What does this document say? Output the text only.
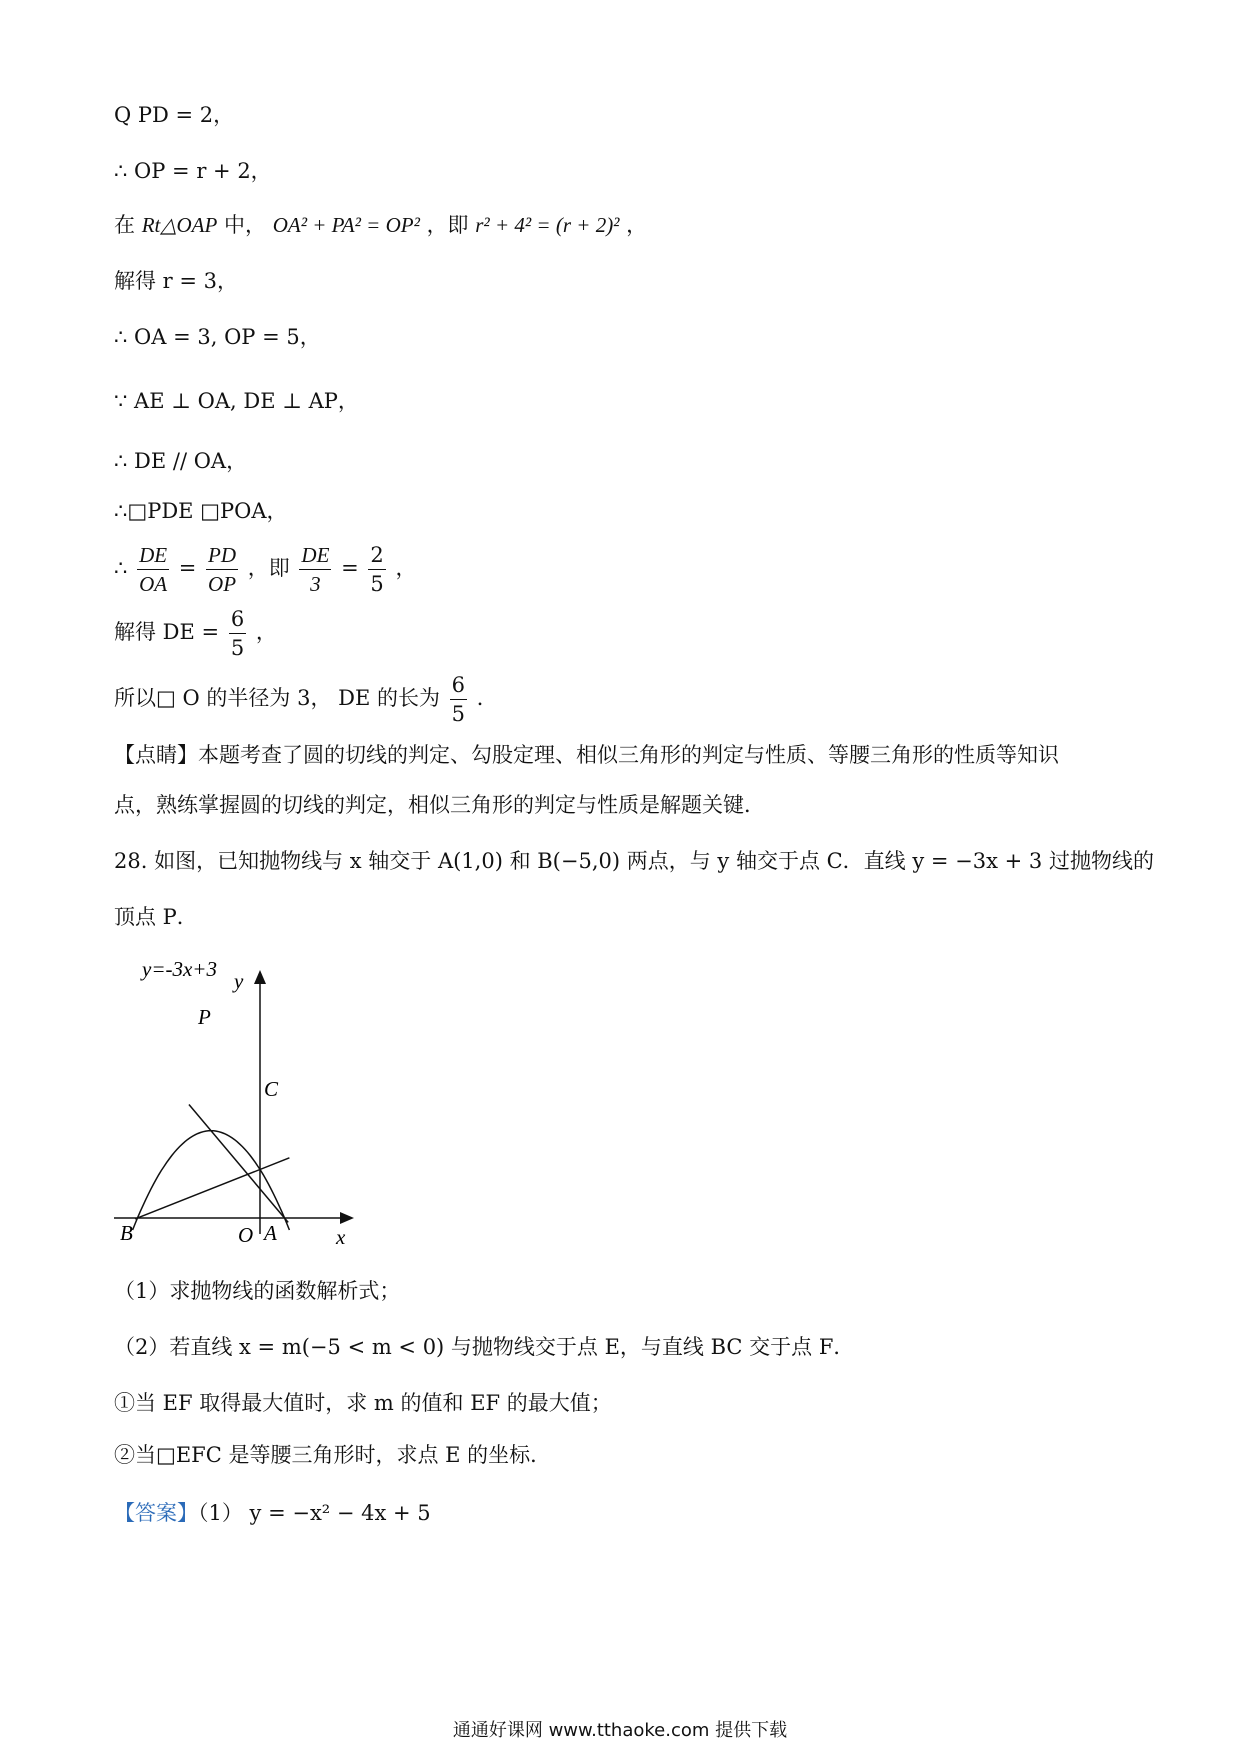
Q PD = 2，
∴ OP = r + 2，
在 Rt△OAP 中， OA² + PA² = OP² ，即 r² + 4² = (r + 2)² ，
解得 r = 3，
∴ OA = 3, OP = 5，
∵ AE ⊥ OA, DE ⊥ AP，
∴ DE // OA，
∴□PDE □POA，
∴ $\frac{DE}{OA} = \frac{PD}{OP}$ ，即 $\frac{DE}{3} = \frac{2}{5}$ ，
解得 DE = $\frac{6}{5}$ ，
所以□ O 的半径为 3， DE 的长为 $\frac{6}{5}$ ．
【点睛】本题考查了圆的切线的判定、勾股定理、相似三角形的判定与性质、等腰三角形的性质等知识
点，熟练掌握圆的切线的判定，相似三角形的判定与性质是解题关键．
28. 如图，已知抛物线与 x 轴交于 A(1,0) 和 B(−5,0) 两点，与 y 轴交于点 C．直线 y = −3x + 3 过抛物线的
顶点 P．
y=-3x+3
P
y
C
B	O A	x
（1）求抛物线的函数解析式；
（2）若直线 x = m(−5 < m < 0) 与抛物线交于点 E，与直线 BC 交于点 F．
①当 EF 取得最大值时，求 m 的值和 EF 的最大值；
②当□EFC 是等腰三角形时，求点 E 的坐标．
【答案】（1） y = −x² − 4x + 5
通通好课网 www.tthaoke.com 提供下载
